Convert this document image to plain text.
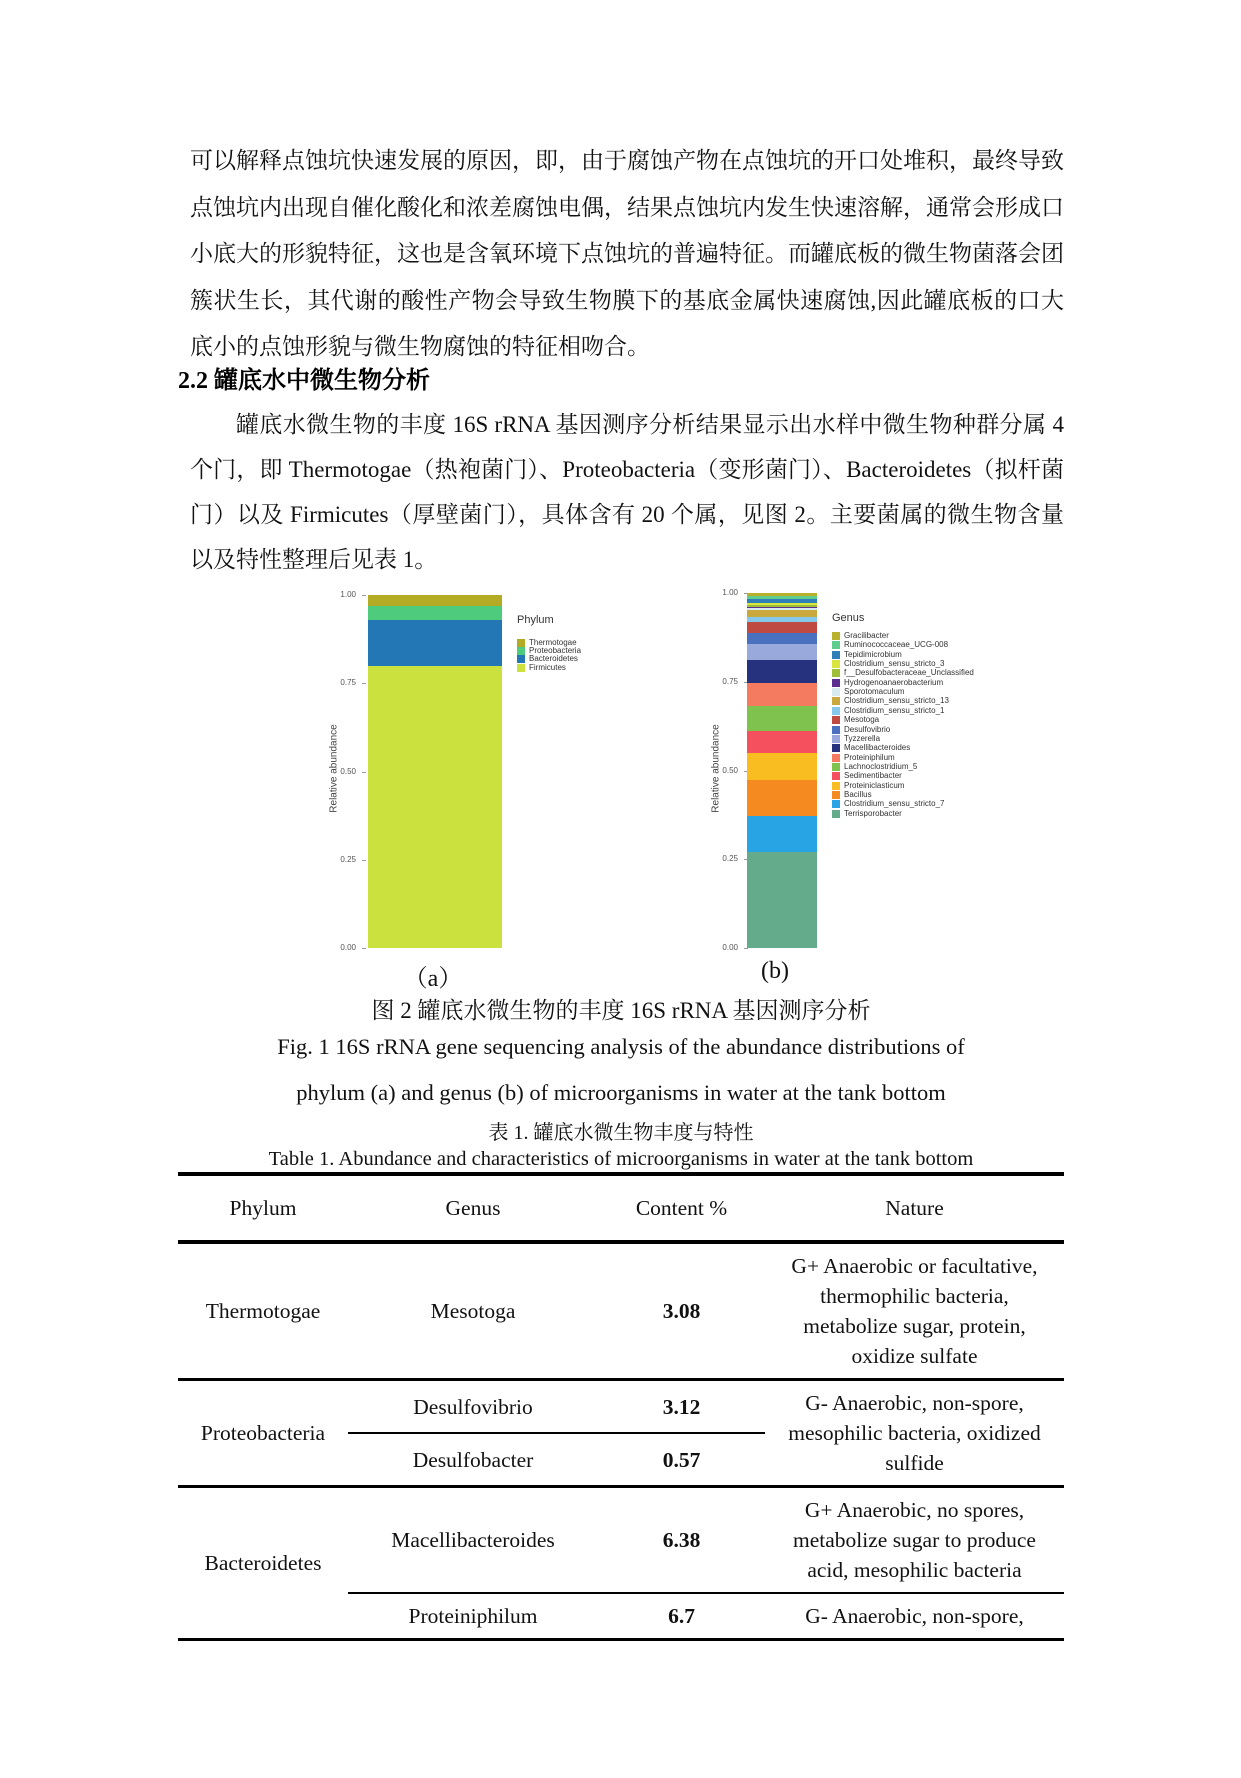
可以解释点蚀坑快速发展的原因，即，由于腐蚀产物在点蚀坑的开口处堆积，最终导致点蚀坑内出现自催化酸化和浓差腐蚀电偶，结果点蚀坑内发生快速溶解，通常会形成口小底大的形貌特征，这也是含氧环境下点蚀坑的普遍特征。而罐底板的微生物菌落会团簇状生长，其代谢的酸性产物会导致生物膜下的基底金属快速腐蚀,因此罐底板的口大底小的点蚀形貌与微生物腐蚀的特征相吻合。
2.2 罐底水中微生物分析
罐底水微生物的丰度 16S rRNA 基因测序分析结果显示出水样中微生物种群分属 4 个门，即 Thermotogae（热袍菌门）、Proteobacteria（变形菌门）、Bacteroidetes（拟杆菌门）以及 Firmicutes（厚壁菌门），具体含有 20 个属，见图 2。主要菌属的微生物含量以及特性整理后见表 1。
（a）	(b)
图 2 罐底水微生物的丰度 16S rRNA 基因测序分析
Fig. 1 16S rRNA gene sequencing analysis of the abundance distributions of
phylum (a) and genus (b) of microorganisms in water at the tank bottom
表 1. 罐底水微生物丰度与特性
Table 1. Abundance and characteristics of microorganisms in water at the tank bottom
Phylum	Genus	Content %	Nature
Thermotogae	Mesotoga	3.08	G+ Anaerobic or facultative, thermophilic bacteria, metabolize sugar, protein, oxidize sulfate
Proteobacteria	Desulfovibrio	3.12	G- Anaerobic, non-spore, mesophilic bacteria, oxidized sulfide
	Desulfobacter	0.57	
Bacteroidetes	Macellibacteroides	6.38	G+ Anaerobic, no spores, metabolize sugar to produce acid, mesophilic bacteria
	Proteiniphilum	6.7	G- Anaerobic, non-spore,
Relative abundance
1.00
0.75
0.50
0.25
0.00
Phylum
Thermotogae
Proteobacteria
Bacteroidetes
Firmicutes
Relative abundance
1.00
0.75
0.50
0.25
0.00
Genus
Gracilibacter
Ruminococcaceae_UCG-008
Tepidimicrobium
Clostridium_sensu_stricto_3
f__Desulfobacteraceae_Unclassified
Hydrogenoanaerobacterium
Sporotomaculum
Clostridium_sensu_stricto_13
Clostridium_sensu_stricto_1
Mesotoga
Desulfovibrio
Tyzzerella
Macellibacteroides
Proteiniphilum
Lachnoclostridium_5
Sedimentibacter
Proteiniclasticum
Bacillus
Clostridium_sensu_stricto_7
Terrisporobacter
